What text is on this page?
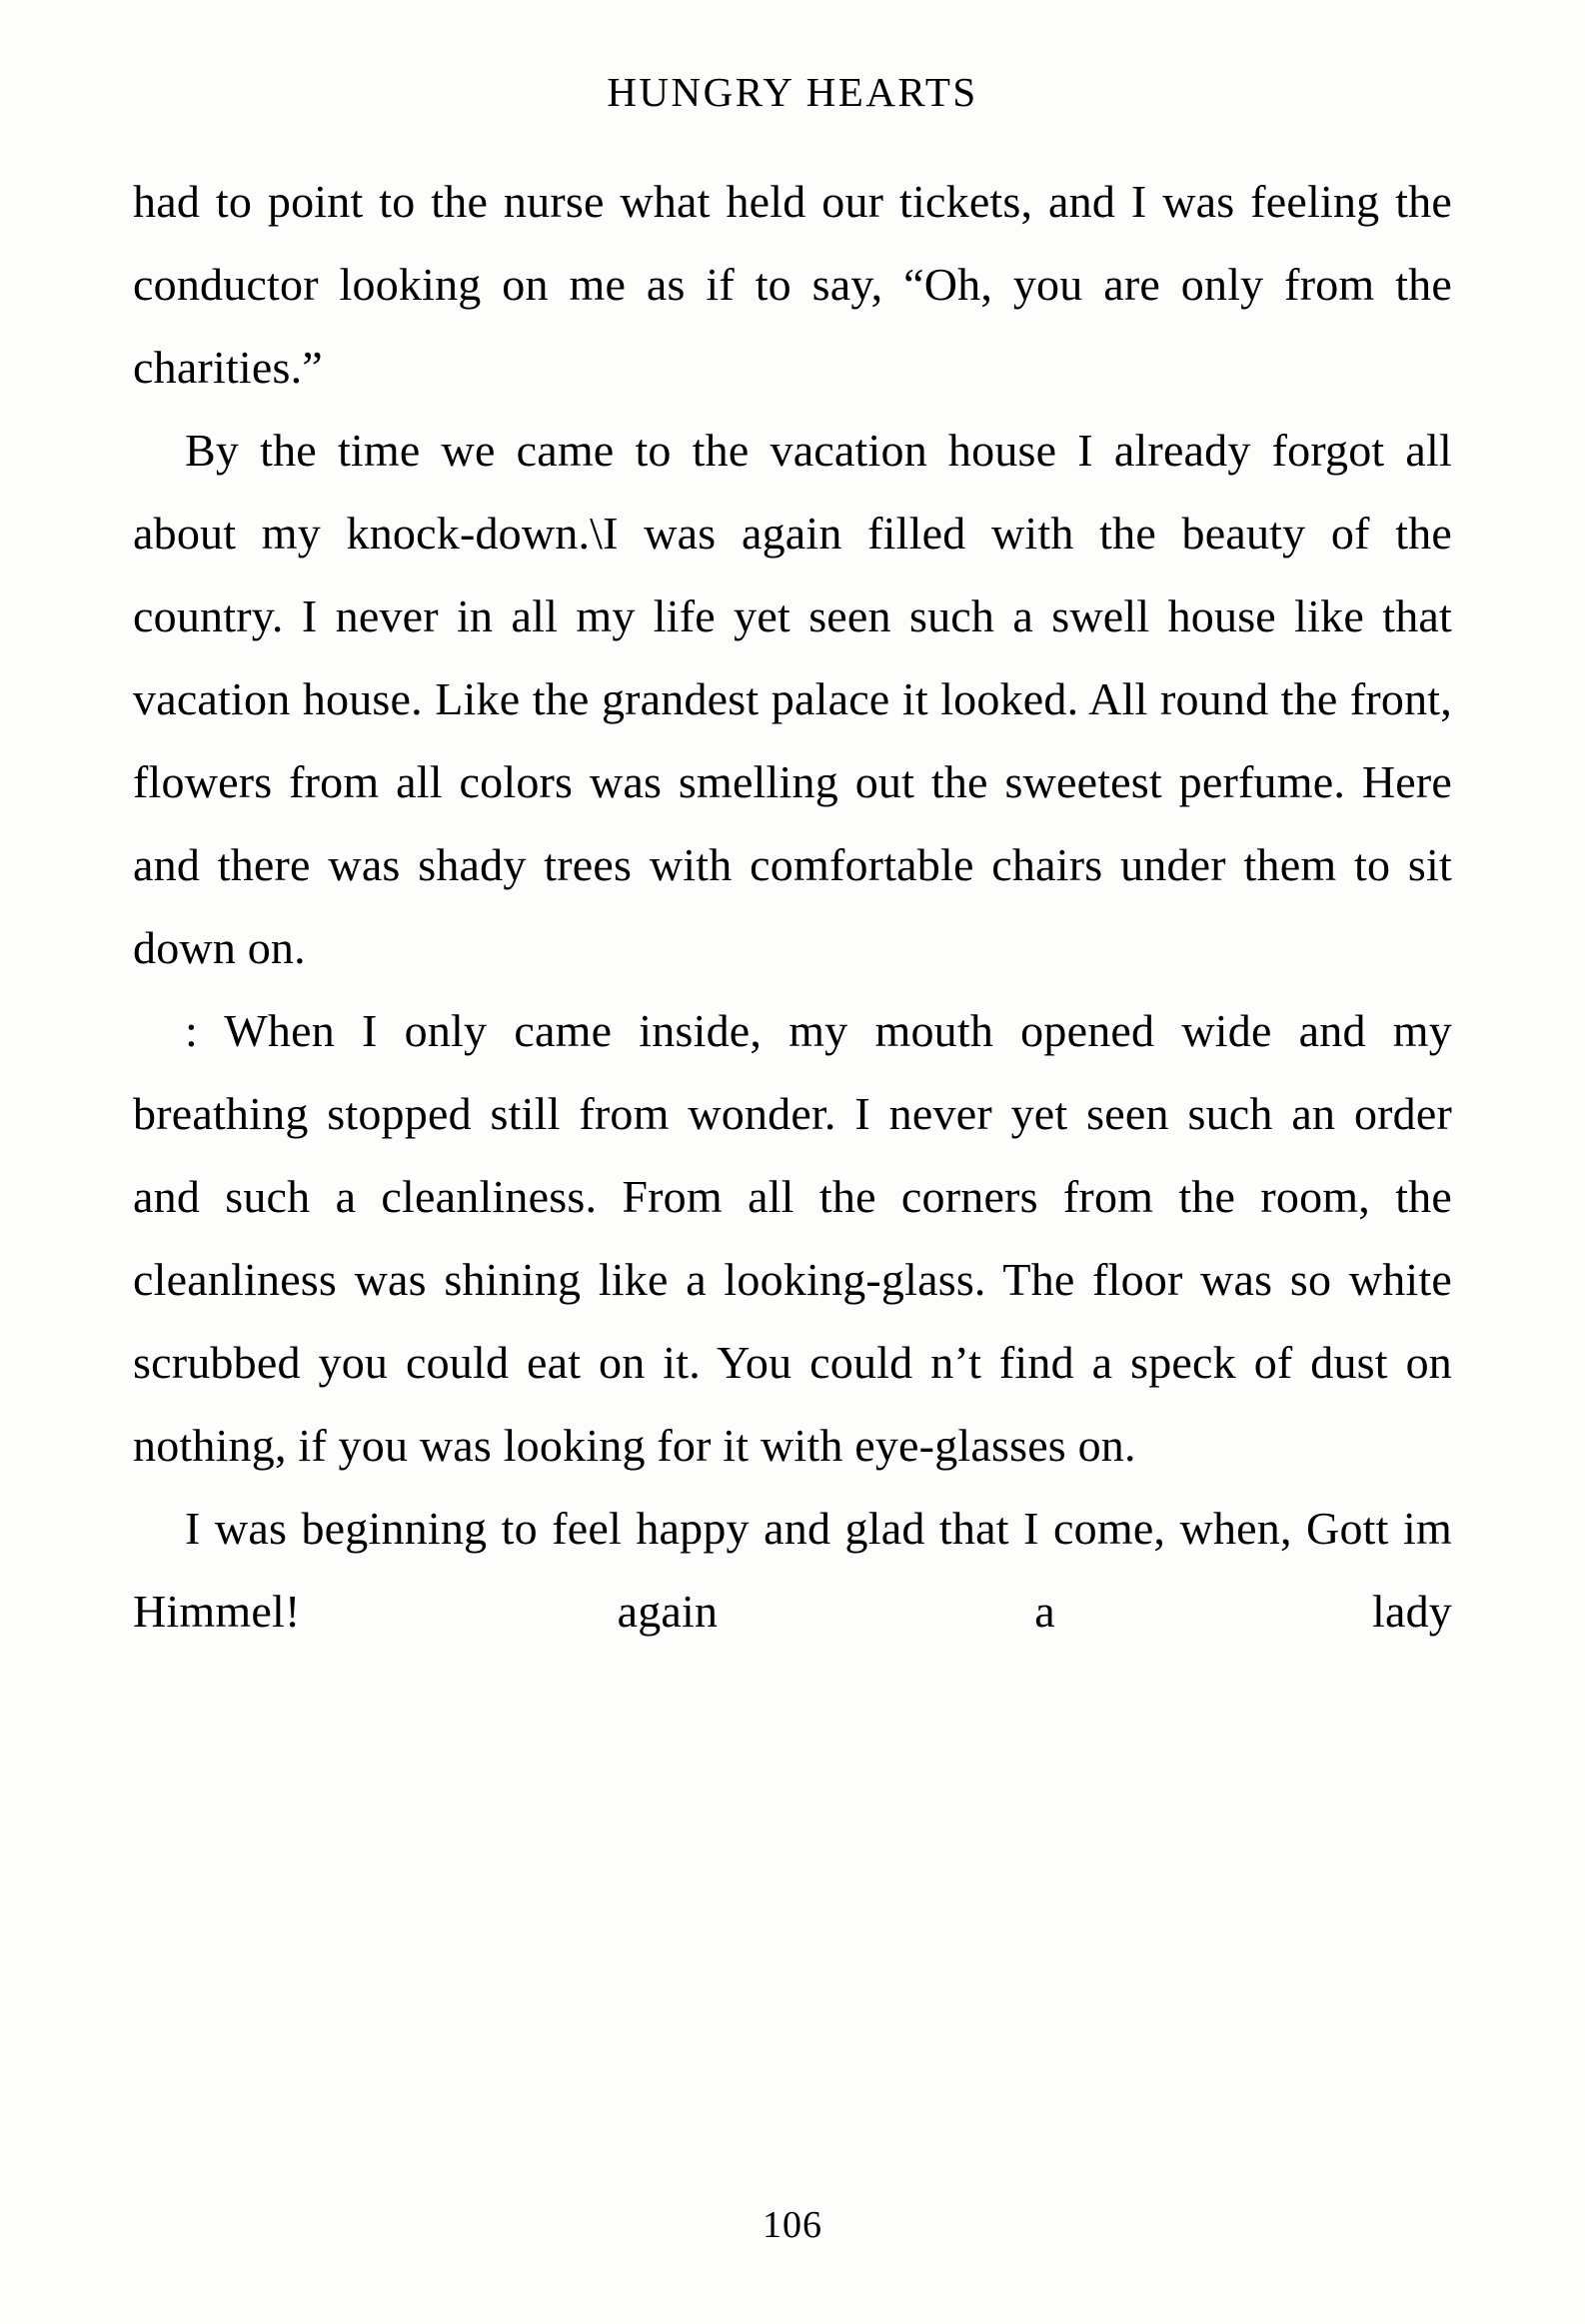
HUNGRY HEARTS

had to point to the nurse what held our tickets, and I was feeling the conductor looking on me as if to say, “Oh, you are only from the charities.”

By the time we came to the vacation house I already forgot all about my knock-down.\I was again filled with the beauty of the country. I never in all my life yet seen such a swell house like that vacation house. Like the grandest palace it looked. All round the front, flowers from all colors was smelling out the sweetest perfume. Here and there was shady trees with comfortable chairs under them to sit down on.

: When I only came inside, my mouth opened wide and my breathing stopped still from wonder. I never yet seen such an order and such a cleanliness. From all the corners from the room, the cleanliness was shining like a looking-glass. The floor was so white scrubbed you could eat on it. You could n’t find a speck of dust on nothing, if you was looking for it with eye-glasses on.

I was beginning to feel happy and glad that I come, when, Gott im Himmel! again a lady

106
